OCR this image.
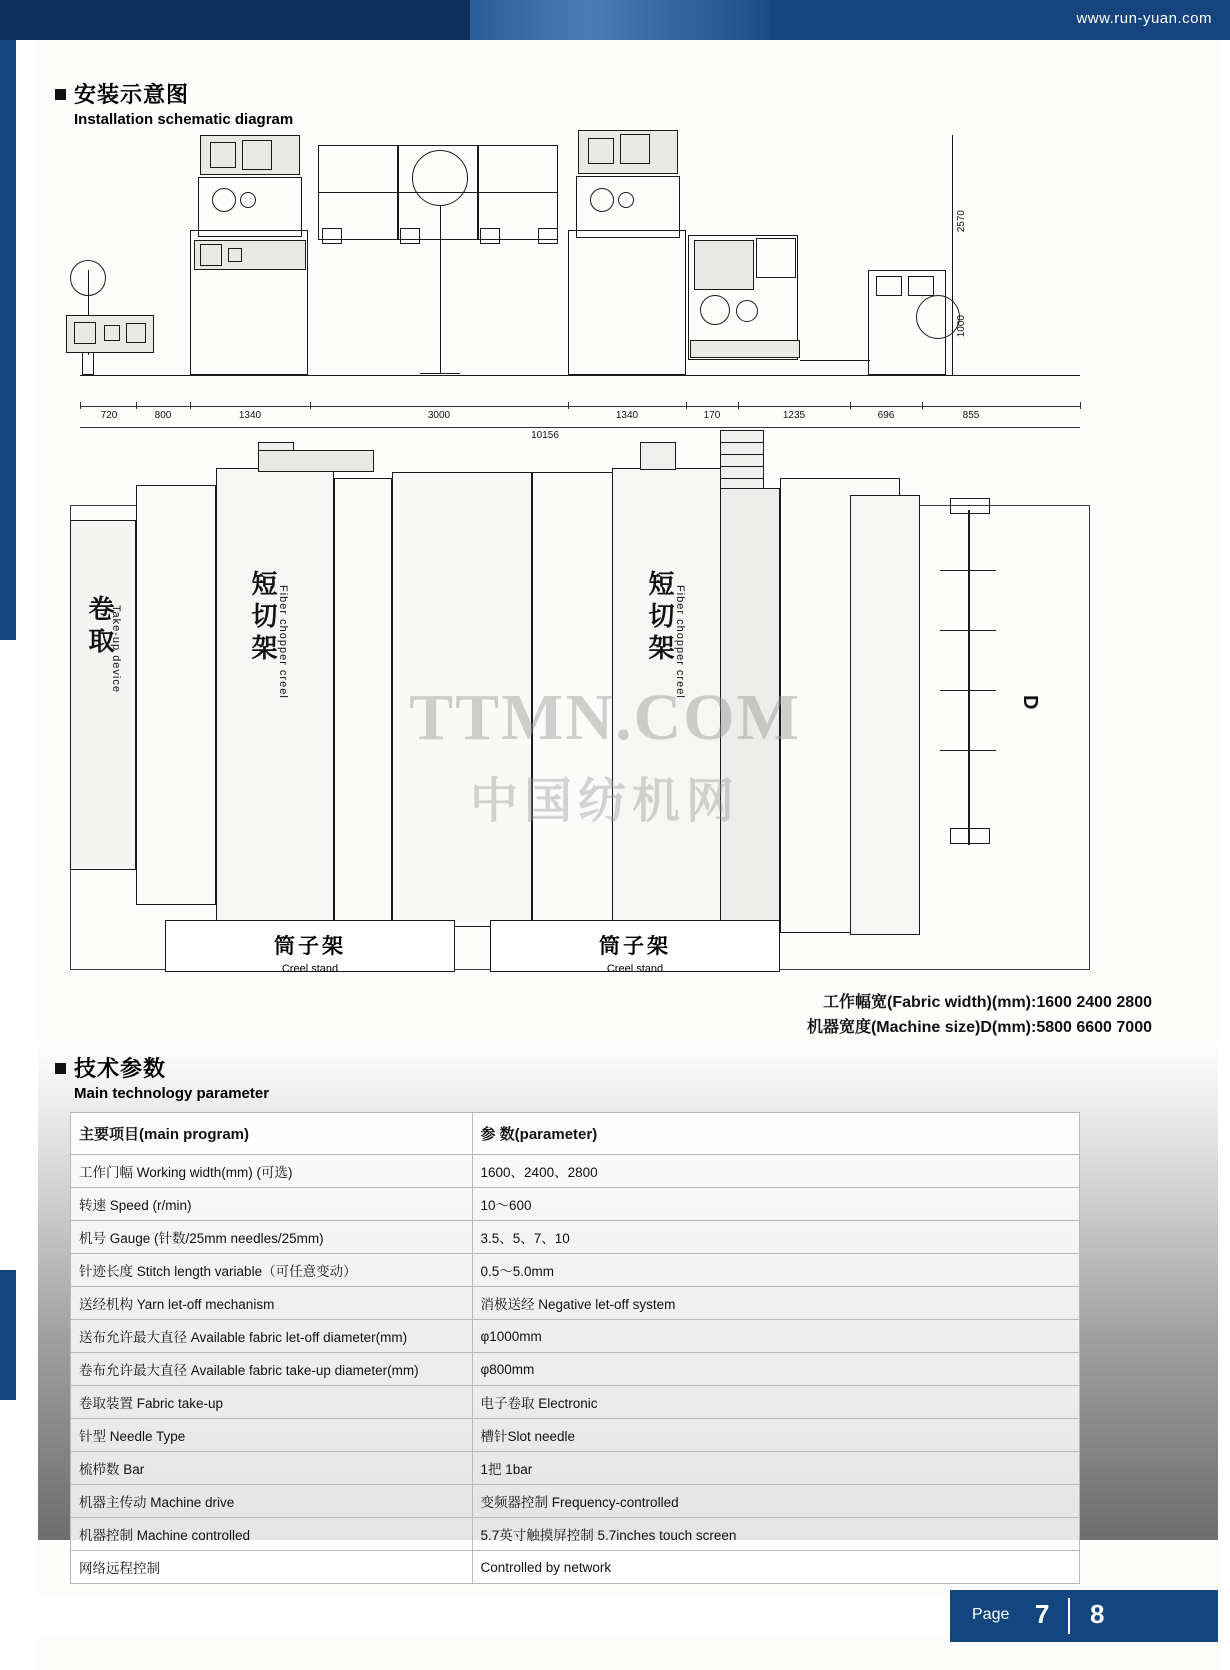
www.run-yuan.com
安装示意图
Installation schematic diagram
2570
1000
720	800	1340	3000	1340	170	1235	696	855
10156
卷取
Take-up device	短切架 Fiber chopper creel	短切架 Fiber chopper creel
D
筒子架
Creel stand
筒子架
Creel stand
TTMN.COM
中国纺机网
工作幅宽(Fabric width)(mm):1600 2400 2800
机器宽度(Machine size)D(mm):5800 6600 7000
技术参数
Main technology parameter
主要项目(main program)	参 数(parameter)
工作门幅 Working width(mm) (可选)	1600、2400、2800
转速 Speed (r/min)	10～600
机号 Gauge (针数/25mm needles/25mm)	3.5、5、7、10
针迹长度 Stitch length variable（可任意变动）	0.5～5.0mm
送经机构 Yarn let-off mechanism	消极送经 Negative let-off system
送布允许最大直径 Available fabric let-off diameter(mm)	φ1000mm
卷布允许最大直径 Available fabric take-up diameter(mm)	φ800mm
卷取装置 Fabric take-up	电子卷取 Electronic
针型 Needle Type	槽针Slot needle
梳栉数 Bar	1把 1bar
机器主传动 Machine drive	变频器控制 Frequency-controlled
机器控制 Machine controlled	5.7英寸触摸屏控制 5.7inches touch screen
网络远程控制	Controlled by network
Page 7 8
